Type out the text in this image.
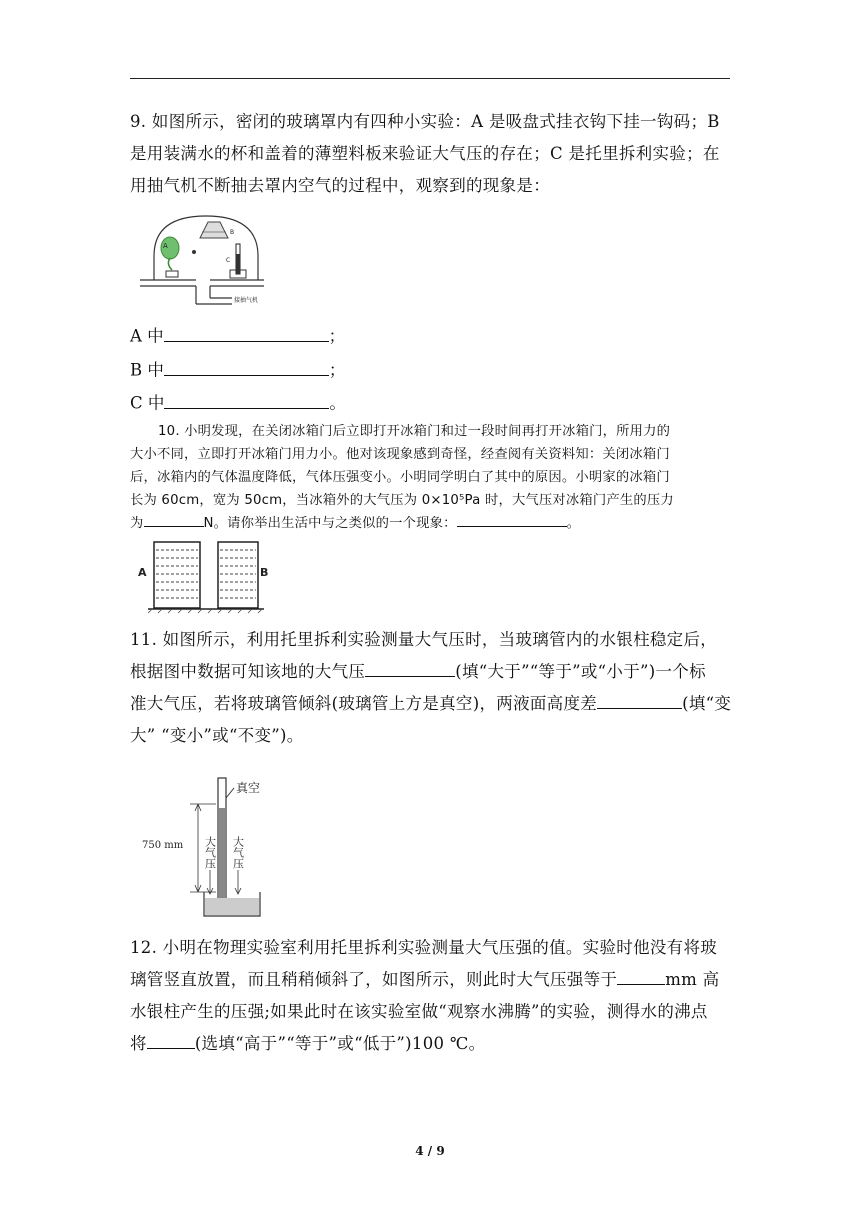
9. 如图所示，密闭的玻璃罩内有四种小实验：A 是吸盘式挂衣钩下挂一钩码；B
是用装满水的杯和盖着的薄塑料板来验证大气压的存在；C 是托里拆利实验；在
用抽气机不断抽去罩内空气的过程中，观察到的现象是：
A
B
C
接抽气机
A 中	；
B 中	；
C 中	。
10. 小明发现，在关闭冰箱门后立即打开冰箱门和过一段时间再打开冰箱门，所用力的
大小不同，立即打开冰箱门用力小。他对该现象感到奇怪，经查阅有关资料知：关闭冰箱门
后，冰箱内的气体温度降低，气体压强变小。小明同学明白了其中的原因。小明家的冰箱门
长为 60cm，宽为 50cm，当冰箱外的大气压为 0×10⁵Pa 时，大气压对冰箱门产生的压力
为	N。请你举出生活中与之类似的一个现象：	。
A	B
11. 如图所示，利用托里拆利实验测量大气压时，当玻璃管内的水银柱稳定后，
根据图中数据可知该地的大气压	(填“大于”“等于”或“小于”)一个标
准大气压，若将玻璃管倾斜(玻璃管上方是真空)，两液面高度差	(填“变
大” “变小”或“不变”)。
真空
750 mm 大气压 大气压
12. 小明在物理实验室利用托里拆利实验测量大气压强的值。实验时他没有将玻
璃管竖直放置，而且稍稍倾斜了，如图所示，则此时大气压强等于	mm 高
水银柱产生的压强;如果此时在该实验室做“观察水沸腾”的实验，测得水的沸点
将	(选填“高于”“等于”或“低于”)100 ℃。
4 / 9
